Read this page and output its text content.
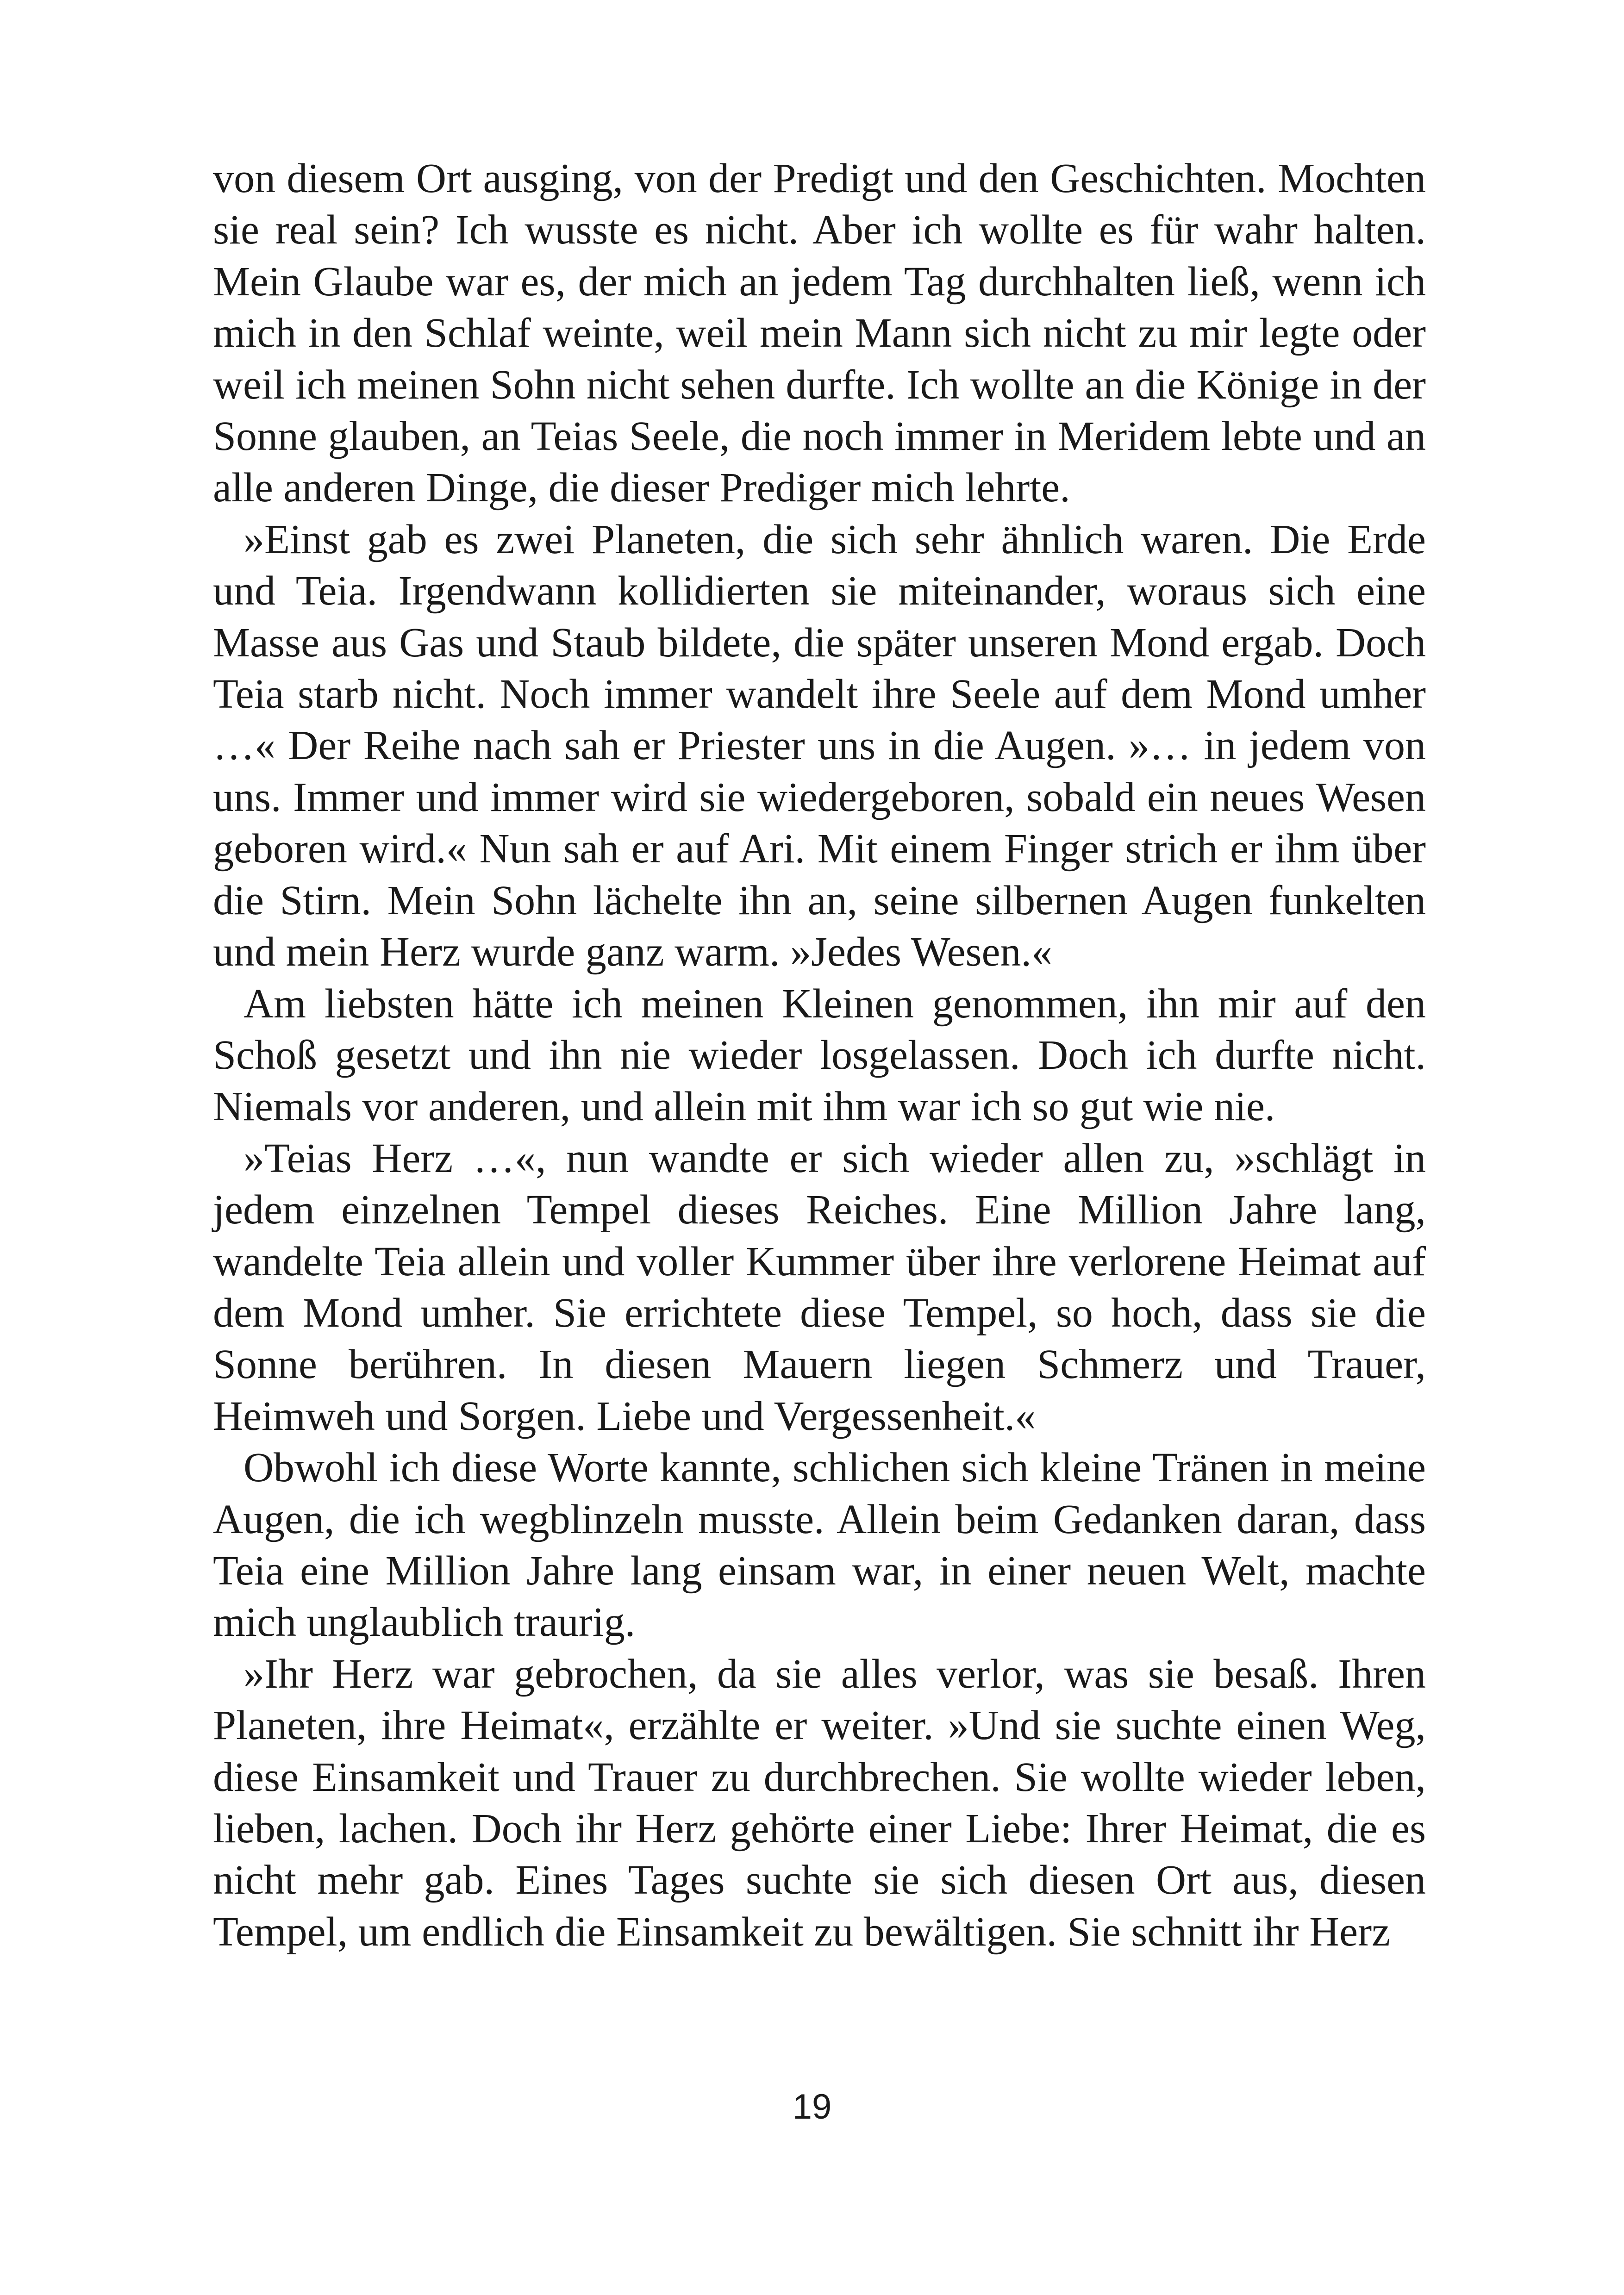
von diesem Ort ausging, von der Predigt und den Geschichten. Mochten sie real sein? Ich wusste es nicht. Aber ich wollte es für wahr halten. Mein Glaube war es, der mich an jedem Tag durchhalten ließ, wenn ich mich in den Schlaf weinte, weil mein Mann sich nicht zu mir legte oder weil ich meinen Sohn nicht sehen durfte. Ich wollte an die Könige in der Sonne glauben, an Teias Seele, die noch immer in Meridem lebte und an alle anderen Dinge, die dieser Prediger mich lehrte.

»Einst gab es zwei Planeten, die sich sehr ähnlich waren. Die Erde und Teia. Irgendwann kollidierten sie miteinander, woraus sich eine Masse aus Gas und Staub bildete, die später unseren Mond ergab. Doch Teia starb nicht. Noch immer wandelt ihre Seele auf dem Mond umher …« Der Reihe nach sah er Priester uns in die Augen. »… in jedem von uns. Immer und immer wird sie wiedergeboren, sobald ein neues Wesen geboren wird.« Nun sah er auf Ari. Mit einem Finger strich er ihm über die Stirn. Mein Sohn lächelte ihn an, seine silbernen Augen funkelten und mein Herz wurde ganz warm. »Jedes Wesen.«

Am liebsten hätte ich meinen Kleinen genommen, ihn mir auf den Schoß gesetzt und ihn nie wieder losgelassen. Doch ich durfte nicht. Niemals vor anderen, und allein mit ihm war ich so gut wie nie.

»Teias Herz …«, nun wandte er sich wieder allen zu, »schlägt in jedem einzelnen Tempel dieses Reiches. Eine Million Jahre lang, wandelte Teia allein und voller Kummer über ihre verlorene Heimat auf dem Mond umher. Sie errichtete diese Tempel, so hoch, dass sie die Sonne berühren. In diesen Mauern liegen Schmerz und Trauer, Heimweh und Sorgen. Liebe und Vergessenheit.«

Obwohl ich diese Worte kannte, schlichen sich kleine Tränen in meine Augen, die ich wegblinzeln musste. Allein beim Gedanken daran, dass Teia eine Million Jahre lang einsam war, in einer neuen Welt, machte mich unglaublich traurig.

»Ihr Herz war gebrochen, da sie alles verlor, was sie besaß. Ihren Planeten, ihre Heimat«, erzählte er weiter. »Und sie suchte einen Weg, diese Einsamkeit und Trauer zu durchbrechen. Sie wollte wieder leben, lieben, lachen. Doch ihr Herz gehörte einer Liebe: Ihrer Heimat, die es nicht mehr gab. Eines Tages suchte sie sich diesen Ort aus, diesen Tempel, um endlich die Einsamkeit zu bewältigen. Sie schnitt ihr Herz

19
